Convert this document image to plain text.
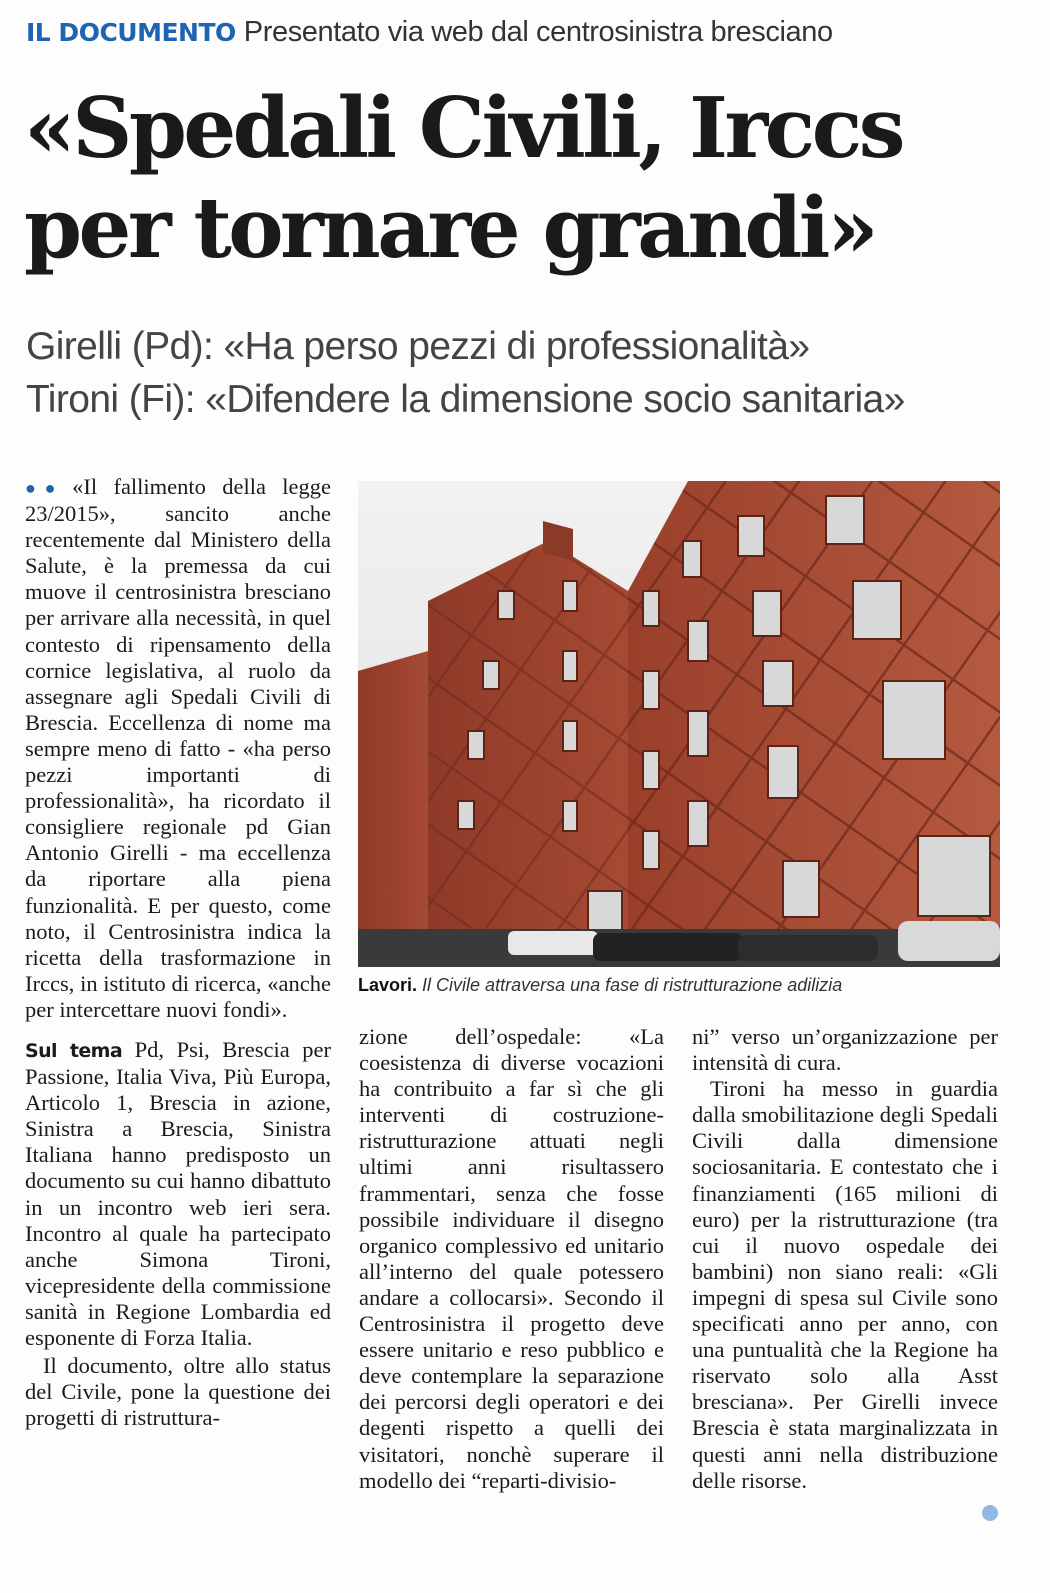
IL DOCUMENTO Presentato via web dal centrosinistra bresciano
«Spedali Civili, Irccs
per tornare grandi»
Girelli (Pd): «Ha perso pezzi di professionalità»
Tironi (Fi): «Difendere la dimensione socio sanitaria»

●● «Il fallimento della legge 23/2015», sancito anche recentemente dal Ministero della Salute, è la premessa da cui muove il centrosinistra bresciano per arrivare alla necessità, in quel contesto di ripensamento della cornice legislativa, al ruolo da assegnare agli Spedali Civili di Brescia. Eccellenza di nome ma sempre meno di fatto - «ha perso pezzi importanti di professionalità», ha ricordato il consigliere regionale pd Gian Antonio Girelli - ma eccellenza da riportare alla piena funzionalità. E per questo, come noto, il Centrosinistra indica la ricetta della trasformazione in Irccs, in istituto di ricerca, «anche per intercettare nuovi fondi».

Sul tema Pd, Psi, Brescia per Passione, Italia Viva, Più Europa, Articolo 1, Brescia in azione, Sinistra a Brescia, Sinistra Italiana hanno predisposto un documento su cui hanno dibattuto in un incontro web ieri sera. Incontro al quale ha partecipato anche Simona Tironi, vicepresidente della commissione sanità in Regione Lombardia ed esponente di Forza Italia.

Il documento, oltre allo status del Civile, pone la questione dei progetti di ristruttura-

Lavori. Il Civile attraversa una fase di ristrutturazione adilizia

zione dell’ospedale: «La coesistenza di diverse vocazioni ha contribuito a far sì che gli interventi di costruzione-ristrutturazione attuati negli ultimi anni risultassero frammentari, senza che fosse possibile individuare il disegno organico complessivo ed unitario all’interno del quale potessero andare a collocarsi». Secondo il Centrosinistra il progetto deve essere unitario e reso pubblico e deve contemplare la separazione dei percorsi degli operatori e dei degenti rispetto a quelli dei visitatori, nonchè superare il modello dei “reparti-divisio-

ni” verso un’organizzazione per intensità di cura.

Tironi ha messo in guardia dalla smobilitazione degli Spedali Civili dalla dimensione sociosanitaria. E contestato che i finanziamenti (165 milioni di euro) per la ristrutturazione (tra cui il nuovo ospedale dei bambini) non siano reali: «Gli impegni di spesa sul Civile sono specificati anno per anno, con una puntualità che la Regione ha riservato solo alla Asst bresciana». Per Girelli invece Brescia è stata marginalizzata in questi anni nella distribuzione delle risorse.
